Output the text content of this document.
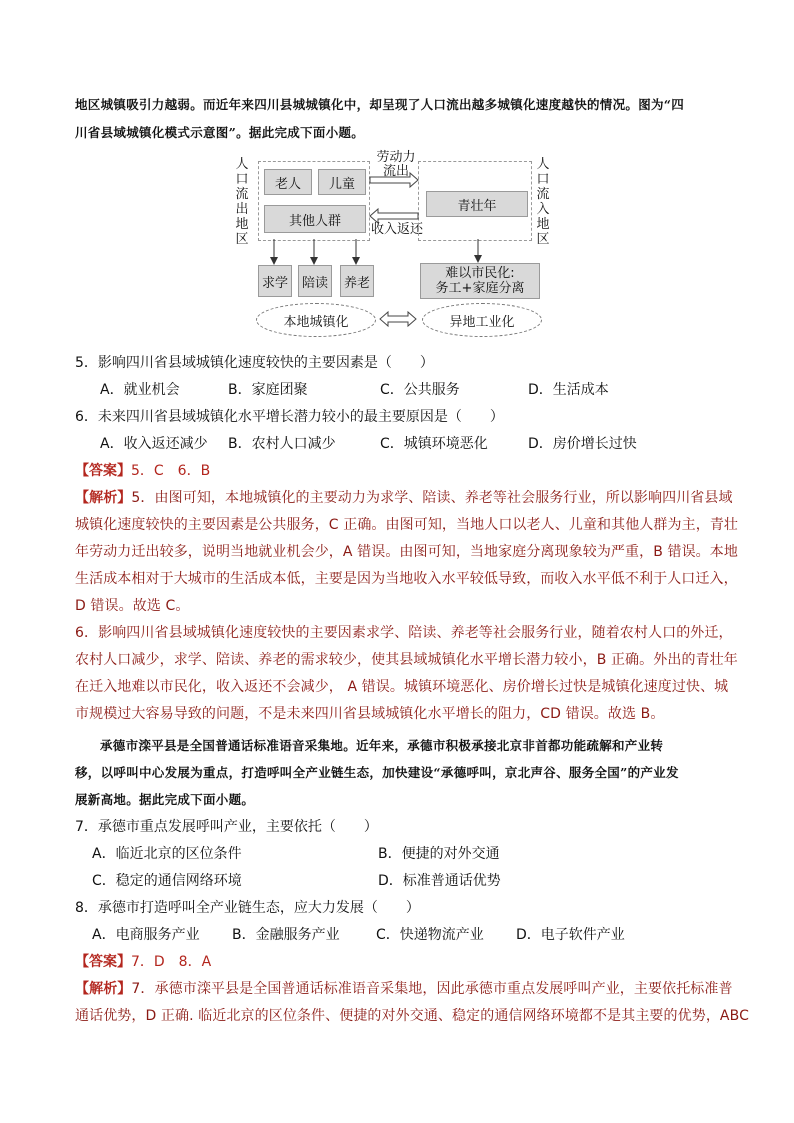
地区城镇吸引力越弱。而近年来四川县城城镇化中，却呈现了人口流出越多城镇化速度越快的情况。图为“四
川省县域城镇化模式示意图”。据此完成下面小题。
人口流出地区
老人	儿童
其他人群
劳动力
流出
收入返还
青壮年
人口流入地区
求学	陪读	养老
难以市民化:
务工+家庭分离
本地城镇化	异地工业化
5．影响四川省县域城镇化速度较快的主要因素是（　　）
A．就业机会	B．家庭团聚	C．公共服务	D．生活成本
6．未来四川省县域城镇化水平增长潜力较小的最主要原因是（　　）
A．收入返还减少 B．农村人口减少	C．城镇环境恶化	D．房价增长过快
【答案】5．C　6．B
【解析】5．由图可知，本地城镇化的主要动力为求学、陪读、养老等社会服务行业，所以影响四川省县域
城镇化速度较快的主要因素是公共服务，C 正确。由图可知，当地人口以老人、儿童和其他人群为主，青壮
年劳动力迁出较多，说明当地就业机会少，A 错误。由图可知，当地家庭分离现象较为严重，B 错误。本地
生活成本相对于大城市的生活成本低，主要是因为当地收入水平较低导致，而收入水平低不利于人口迁入，
D 错误。故选 C。
6．影响四川省县域城镇化速度较快的主要因素求学、陪读、养老等社会服务行业，随着农村人口的外迁，
农村人口减少，求学、陪读、养老的需求较少，使其县域城镇化水平增长潜力较小，B 正确。外出的青壮年
在迁入地难以市民化，收入返还不会减少， A 错误。城镇环境恶化、房价增长过快是城镇化速度过快、城
市规模过大容易导致的问题，不是未来四川省县域城镇化水平增长的阻力，CD 错误。故选 B。
承德市滦平县是全国普通话标准语音采集地。近年来，承德市积极承接北京非首都功能疏解和产业转
移，以呼叫中心发展为重点，打造呼叫全产业链生态，加快建设“承德呼叫，京北声谷、服务全国”的产业发
展新高地。据此完成下面小题。
7．承德市重点发展呼叫产业，主要依托（　　）
A．临近北京的区位条件	B．便捷的对外交通
C．稳定的通信网络环境	D．标准普通话优势
8．承德市打造呼叫全产业链生态，应大力发展（　　）
A．电商服务产业 B．金融服务产业	C．快递物流产业 D．电子软件产业
【答案】7．D　8．A
【解析】7．承德市滦平县是全国普通话标准语音采集地，因此承德市重点发展呼叫产业，主要依托标准普
通话优势，D 正确. 临近北京的区位条件、便捷的对外交通、稳定的通信网络环境都不是其主要的优势，ABC
